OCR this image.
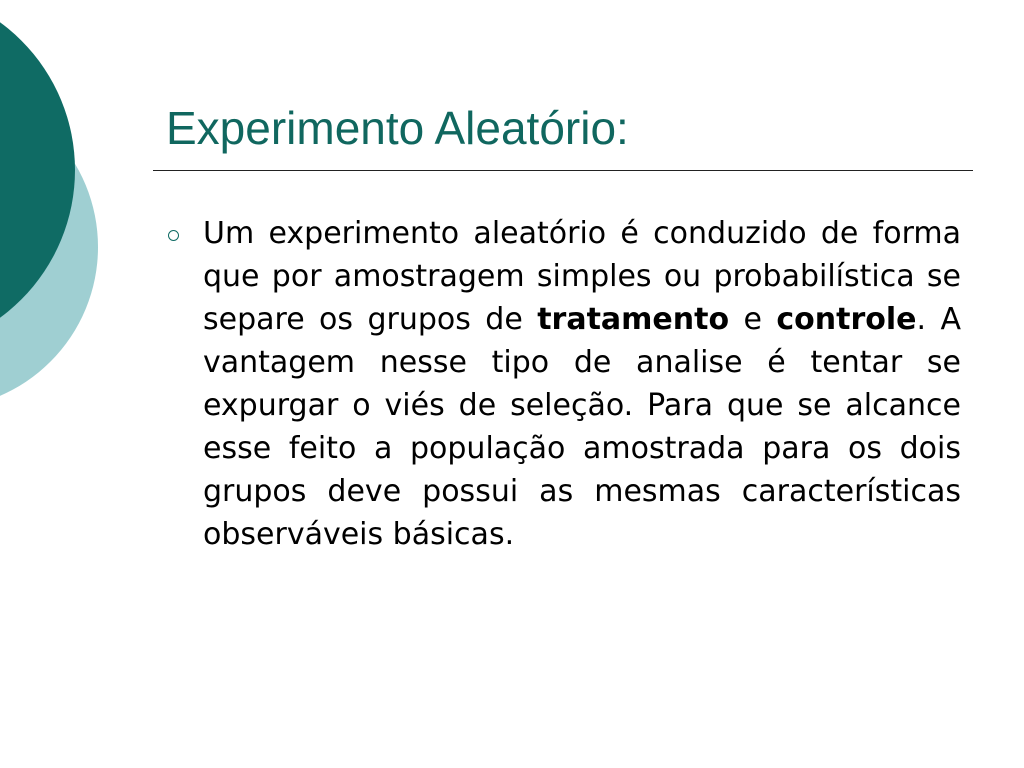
Experimento Aleatório:

Um experimento aleatório é conduzido de forma que por amostragem simples ou probabilística se separe os grupos de tratamento e controle. A vantagem nesse tipo de analise é tentar se expurgar o viés de seleção. Para que se alcance esse feito a população amostrada para os dois grupos deve possui as mesmas características observáveis básicas.
